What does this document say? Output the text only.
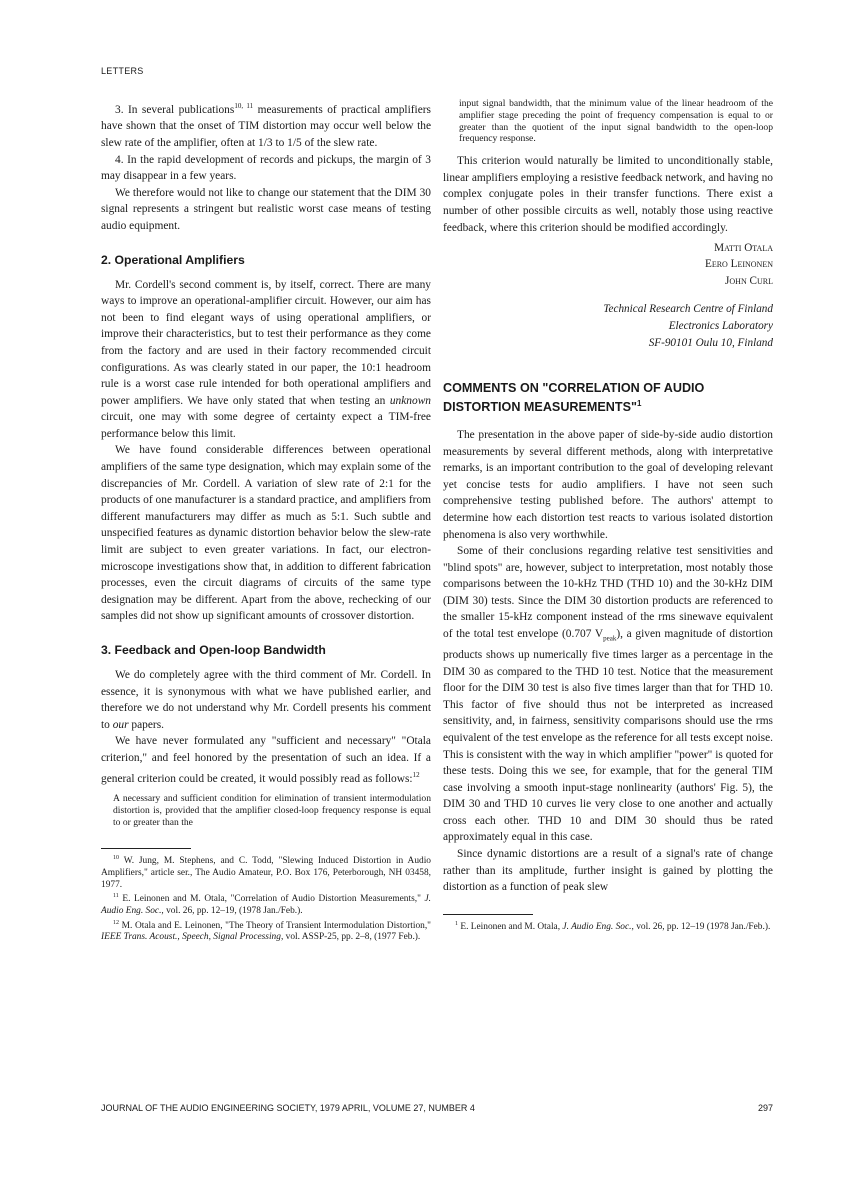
LETTERS

3. In several publications$^{10, 11}$ measurements of practical amplifiers have shown that the onset of TIM distortion may occur well below the slew rate of the amplifier, often at 1/3 to 1/5 of the slew rate.

4. In the rapid development of records and pickups, the margin of 3 may disappear in a few years.

We therefore would not like to change our statement that the DIM 30 signal represents a stringent but realistic worst case means of testing audio equipment.

2. Operational Amplifiers

Mr. Cordell's second comment is, by itself, correct. There are many ways to improve an operational-amplifier circuit. However, our aim has not been to find elegant ways of using operational amplifiers, or improve their characteristics, but to test their performance as they come from the factory and are used in their factory recommended circuit configurations. As was clearly stated in our paper, the 10:1 headroom rule is a worst case rule intended for both operational amplifiers and power amplifiers. We have only stated that when testing an unknown circuit, one may with some degree of certainty expect a TIM-free performance below this limit.

We have found considerable differences between operational amplifiers of the same type designation, which may explain some of the discrepancies of Mr. Cordell. A variation of slew rate of 2:1 for the products of one manufacturer is a standard practice, and amplifiers from different manufacturers may differ as much as 5:1. Such subtle and unspecified features as dynamic distortion behavior below the slew-rate limit are subject to even greater variations. In fact, our electron-microscope investigations show that, in addition to different fabrication processes, even the circuit diagrams of circuits of the same type designation may be different. Apart from the above, rechecking of our samples did not show up significant amounts of crossover distortion.

3. Feedback and Open-loop Bandwidth

We do completely agree with the third comment of Mr. Cordell. In essence, it is synonymous with what we have published earlier, and therefore we do not understand why Mr. Cordell presents his comment to our papers.

We have never formulated any "sufficient and necessary" "Otala criterion," and feel honored by the presentation of such an idea. If a general criterion could be created, it would possibly read as follows:$^{12}$

A necessary and sufficient condition for elimination of transient intermodulation distortion is, provided that the amplifier closed-loop frequency response is equal to or greater than the

$^{10}$ W. Jung, M. Stephens, and C. Todd, "Slewing Induced Distortion in Audio Amplifiers," article ser., The Audio Amateur, P.O. Box 176, Peterborough, NH 03458, 1977.

$^{11}$ E. Leinonen and M. Otala, "Correlation of Audio Distortion Measurements," J. Audio Eng. Soc., vol. 26, pp. 12–19, (1978 Jan./Feb.).

$^{12}$ M. Otala and E. Leinonen, "The Theory of Transient Intermodulation Distortion," IEEE Trans. Acoust., Speech, Signal Processing, vol. ASSP-25, pp. 2–8, (1977 Feb.).

input signal bandwidth, that the minimum value of the linear headroom of the amplifier stage preceding the point of frequency compensation is equal to or greater than the quotient of the input signal bandwidth to the open-loop frequency response.

This criterion would naturally be limited to unconditionally stable, linear amplifiers employing a resistive feedback network, and having no complex conjugate poles in their transfer functions. There exist a number of other possible circuits as well, notably those using reactive feedback, where this criterion should be modified accordingly.

Matti Otala

Eero Leinonen

John Curl

Technical Research Centre of Finland

Electronics Laboratory

SF-90101 Oulu 10, Finland

COMMENTS ON "CORRELATION OF AUDIO DISTORTION MEASUREMENTS"$^1$

The presentation in the above paper of side-by-side audio distortion measurements by several different methods, along with interpretative remarks, is an important contribution to the goal of developing relevant yet concise tests for audio amplifiers. I have not seen such comprehensive testing published before. The authors' attempt to determine how each distortion test reacts to various isolated distortion phenomena is also very worthwhile.

Some of their conclusions regarding relative test sensitivities and "blind spots" are, however, subject to interpretation, most notably those comparisons between the 10-kHz THD (THD 10) and the 30-kHz DIM (DIM 30) tests. Since the DIM 30 distortion products are referenced to the smaller 15-kHz component instead of the rms sinewave equivalent of the total test envelope (0.707 $V_{peak}$), a given magnitude of distortion products shows up numerically five times larger as a percentage in the DIM 30 as compared to the THD 10 test. Notice that the measurement floor for the DIM 30 test is also five times larger than that for THD 10. This factor of five should thus not be interpreted as increased sensitivity, and, in fairness, sensitivity comparisons should use the rms equivalent of the test envelope as the reference for all tests except noise. This is consistent with the way in which amplifier "power" is quoted for these tests. Doing this we see, for example, that for the general TIM case involving a smooth input-stage nonlinearity (authors' Fig. 5), the DIM 30 and THD 10 curves lie very close to one another and actually cross each other. THD 10 and DIM 30 should thus be rated approximately equal in this case.

Since dynamic distortions are a result of a signal's rate of change rather than its amplitude, further insight is gained by plotting the distortion as a function of peak slew

$^1$ E. Leinonen and M. Otala, J. Audio Eng. Soc., vol. 26, pp. 12–19 (1978 Jan./Feb.).

JOURNAL OF THE AUDIO ENGINEERING SOCIETY, 1979 APRIL, VOLUME 27, NUMBER 4	297
